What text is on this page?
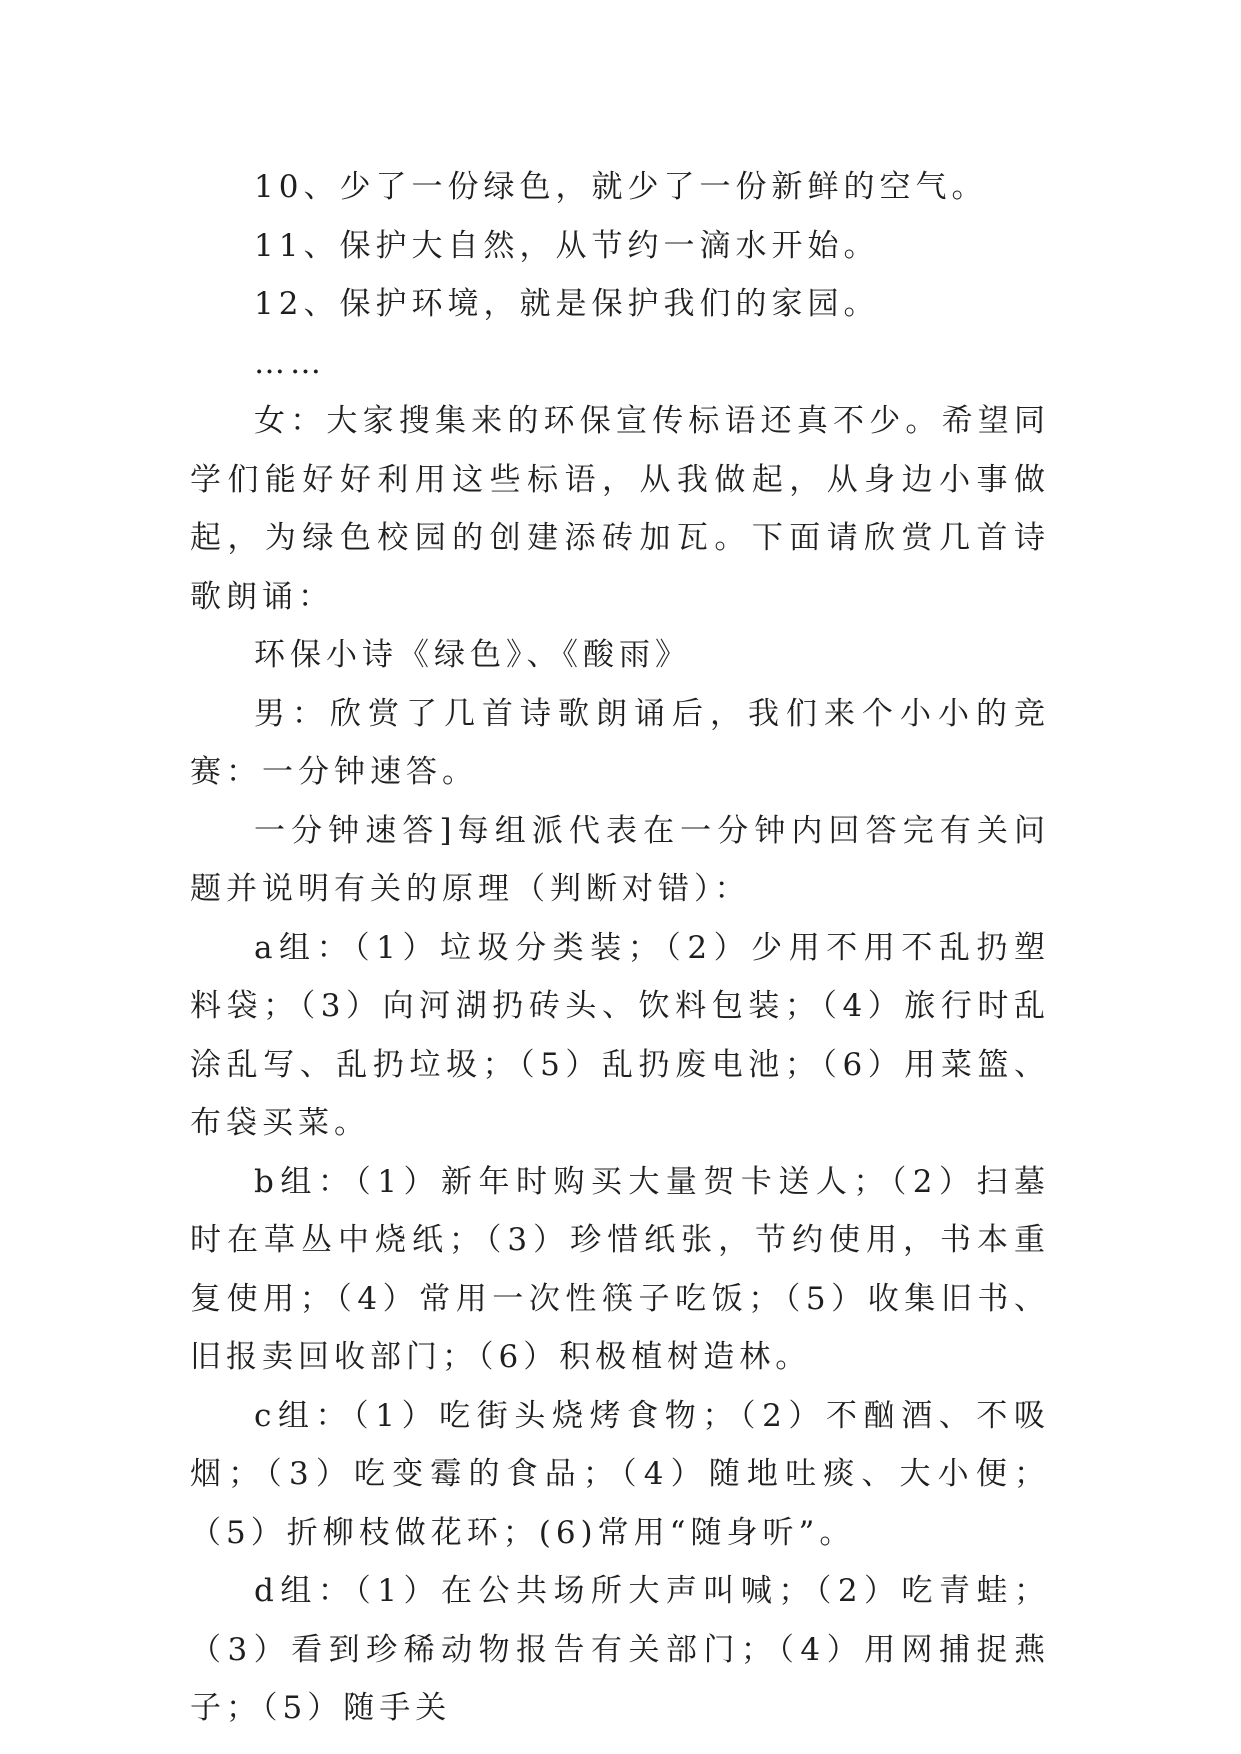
10、少了一份绿色，就少了一份新鲜的空气。

11、保护大自然，从节约一滴水开始。

12、保护环境，就是保护我们的家园。

……

女：大家搜集来的环保宣传标语还真不少。希望同学们能好好利用这些标语，从我做起，从身边小事做起，为绿色校园的创建添砖加瓦。下面请欣赏几首诗歌朗诵：

环保小诗《绿色》、《酸雨》

男：欣赏了几首诗歌朗诵后，我们来个小小的竞赛：一分钟速答。

一分钟速答]每组派代表在一分钟内回答完有关问题并说明有关的原理（判断对错）：

a组：（1）垃圾分类装；（2）少用不用不乱扔塑料袋；（3）向河湖扔砖头、饮料包装；（4）旅行时乱涂乱写、乱扔垃圾；（5）乱扔废电池；（6）用菜篮、布袋买菜。

b组：（1）新年时购买大量贺卡送人；（2）扫墓时在草丛中烧纸；（3）珍惜纸张，节约使用，书本重复使用；（4）常用一次性筷子吃饭；（5）收集旧书、旧报卖回收部门；（6）积极植树造林。

c组：（1）吃街头烧烤食物；（2）不酗酒、不吸烟；（3）吃变霉的食品；（4）随地吐痰、大小便；（5）折柳枝做花环；(6)常用“随身听”。

d组：（1）在公共场所大声叫喊；（2）吃青蛙；（3）看到珍稀动物报告有关部门；（4）用网捕捉燕子；（5）随手关
